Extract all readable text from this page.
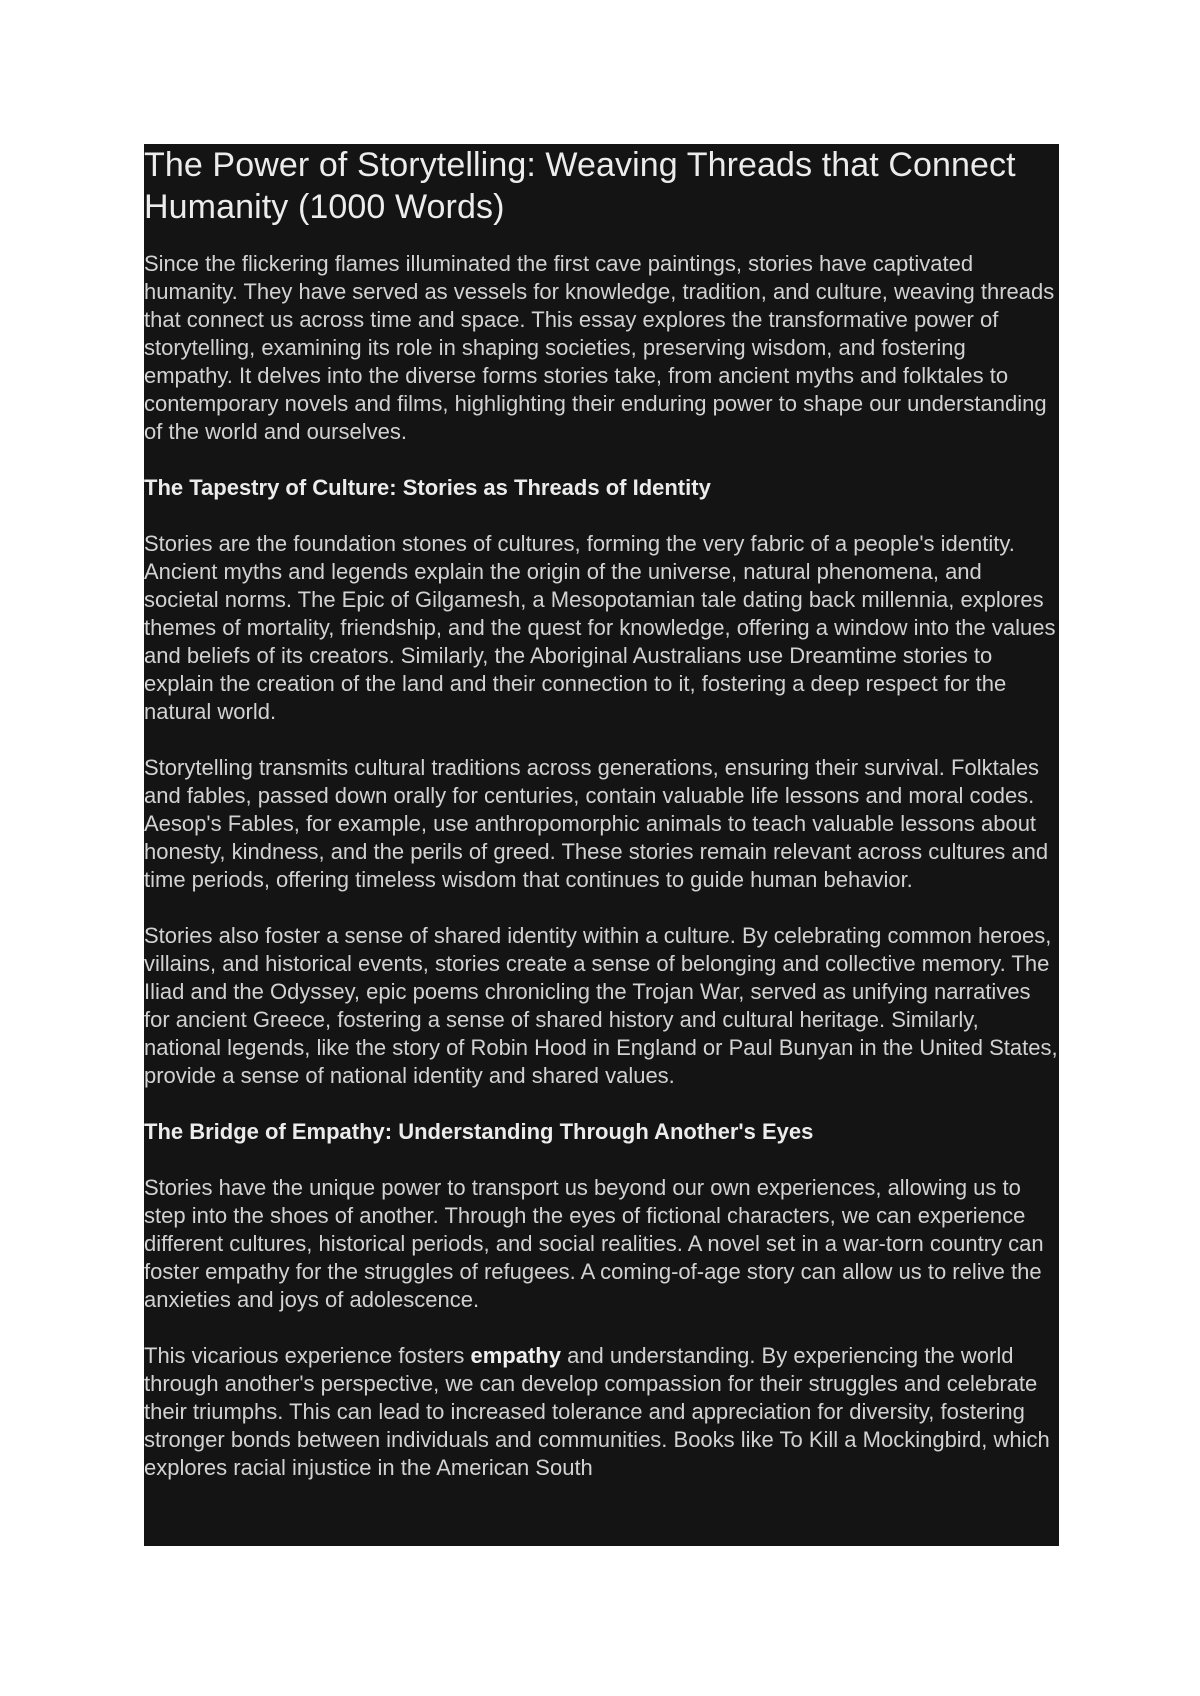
The Power of Storytelling: Weaving Threads that Connect Humanity (1000 Words)

Since the flickering flames illuminated the first cave paintings, stories have captivated humanity. They have served as vessels for knowledge, tradition, and culture, weaving threads that connect us across time and space. This essay explores the transformative power of storytelling, examining its role in shaping societies, preserving wisdom, and fostering empathy. It delves into the diverse forms stories take, from ancient myths and folktales to contemporary novels and films, highlighting their enduring power to shape our understanding of the world and ourselves.

The Tapestry of Culture: Stories as Threads of Identity

Stories are the foundation stones of cultures, forming the very fabric of a people's identity. Ancient myths and legends explain the origin of the universe, natural phenomena, and societal norms. The Epic of Gilgamesh, a Mesopotamian tale dating back millennia, explores themes of mortality, friendship, and the quest for knowledge, offering a window into the values and beliefs of its creators. Similarly, the Aboriginal Australians use Dreamtime stories to explain the creation of the land and their connection to it, fostering a deep respect for the natural world.

Storytelling transmits cultural traditions across generations, ensuring their survival. Folktales and fables, passed down orally for centuries, contain valuable life lessons and moral codes. Aesop's Fables, for example, use anthropomorphic animals to teach valuable lessons about honesty, kindness, and the perils of greed. These stories remain relevant across cultures and time periods, offering timeless wisdom that continues to guide human behavior.

Stories also foster a sense of shared identity within a culture. By celebrating common heroes, villains, and historical events, stories create a sense of belonging and collective memory. The Iliad and the Odyssey, epic poems chronicling the Trojan War, served as unifying narratives for ancient Greece, fostering a sense of shared history and cultural heritage. Similarly, national legends, like the story of Robin Hood in England or Paul Bunyan in the United States, provide a sense of national identity and shared values.

The Bridge of Empathy: Understanding Through Another's Eyes

Stories have the unique power to transport us beyond our own experiences, allowing us to step into the shoes of another. Through the eyes of fictional characters, we can experience different cultures, historical periods, and social realities. A novel set in a war-torn country can foster empathy for the struggles of refugees. A coming-of-age story can allow us to relive the anxieties and joys of adolescence.

This vicarious experience fosters empathy and understanding. By experiencing the world through another's perspective, we can develop compassion for their struggles and celebrate their triumphs. This can lead to increased tolerance and appreciation for diversity, fostering stronger bonds between individuals and communities. Books like To Kill a Mockingbird, which explores racial injustice in the American South
